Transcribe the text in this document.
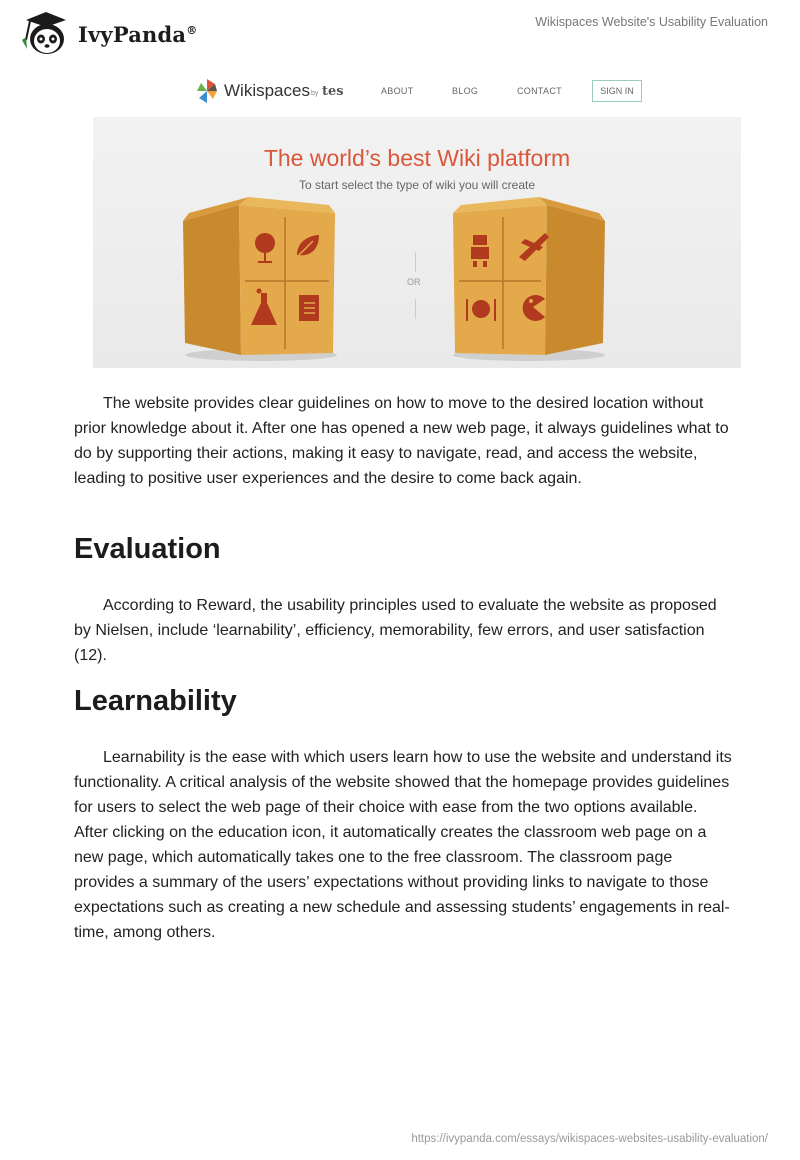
IvyPanda®
Wikispaces Website's Usability Evaluation
Wikispaces by tes	ABOUT	BLOG	CONTACT	SIGN IN
The world’s best Wiki platform
To start select the type of wiki you will create
OR

The website provides clear guidelines on how to move to the desired location without prior knowledge about it. After one has opened a new web page, it always guidelines what to do by supporting their actions, making it easy to navigate, read, and access the website, leading to positive user experiences and the desire to come back again.

Evaluation

According to Reward, the usability principles used to evaluate the website as proposed by Nielsen, include ‘learnability’, efficiency, memorability, few errors, and user satisfaction (12).

Learnability

Learnability is the ease with which users learn how to use the website and understand its functionality. A critical analysis of the website showed that the homepage provides guidelines for users to select the web page of their choice with ease from the two options available. After clicking on the education icon, it automatically creates the classroom web page on a new page, which automatically takes one to the free classroom. The classroom page provides a summary of the users’ expectations without providing links to navigate to those expectations such as creating a new schedule and assessing students’ engagements in real-time, among others.

https://ivypanda.com/essays/wikispaces-websites-usability-evaluation/
